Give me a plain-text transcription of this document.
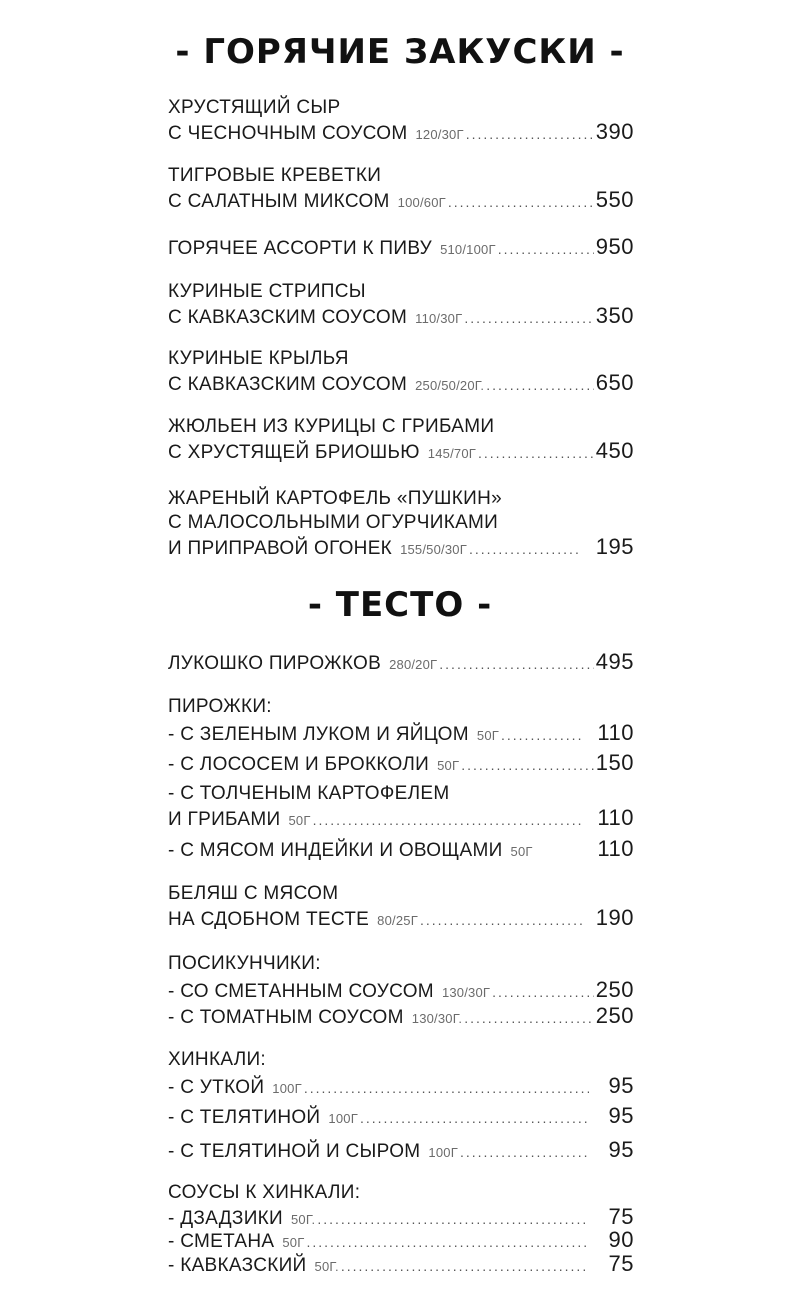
- ГОРЯЧИЕ ЗАКУСКИ -
ХРУСТЯЩИЙ СЫР
С ЧЕСНОЧНЫМ СОУСОМ 120/30Г .....	390
ТИГРОВЫЕ КРЕВЕТКИ
С САЛАТНЫМ МИКСОМ 100/60Г .....	550
ГОРЯЧЕЕ АССОРТИ К ПИВУ 510/100Г .....	950
КУРИНЫЕ СТРИПСЫ
С КАВКАЗСКИМ СОУСОМ 110/30Г .....	350
КУРИНЫЕ КРЫЛЬЯ
С КАВКАЗСКИМ СОУСОМ 250/50/20Г. .....	650
ЖЮЛЬЕН ИЗ КУРИЦЫ С ГРИБАМИ
С ХРУСТЯЩЕЙ БРИОШЬЮ 145/70Г .....	450
ЖАРЕНЫЙ КАРТОФЕЛЬ «ПУШКИН»
С МАЛОСОЛЬНЫМИ ОГУРЧИКАМИ
И ПРИПРАВОЙ ОГОНЕК 155/50/30Г .....	195
- ТЕСТО -
ЛУКОШКО ПИРОЖКОВ 280/20Г .....	495
ПИРОЖКИ:
- С ЗЕЛЕНЫМ ЛУКОМ И ЯЙЦОМ 50Г .....	110
- С ЛОСОСЕМ И БРОККОЛИ 50Г .....	150
- С ТОЛЧЕНЫМ КАРТОФЕЛЕМ
И ГРИБАМИ 50Г .....	110
- С МЯСОМ ИНДЕЙКИ И ОВОЩАМИ 50Г	110
БЕЛЯШ С МЯСОМ
НА СДОБНОМ ТЕСТЕ 80/25Г .....	190
ПОСИКУНЧИКИ:
- СО СМЕТАННЫМ СОУСОМ 130/30Г .....	250
- С ТОМАТНЫМ СОУСОМ 130/30Г. .....	250
ХИНКАЛИ:
- С УТКОЙ 100Г .....	95
- С ТЕЛЯТИНОЙ 100Г .....	95
- С ТЕЛЯТИНОЙ И СЫРОМ 100Г .....	95
СОУСЫ К ХИНКАЛИ:
- ДЗАДЗИКИ 50Г. .....	75
- СМЕТАНА 50Г .....	90
- КАВКАЗСКИЙ 50Г. .....	75
